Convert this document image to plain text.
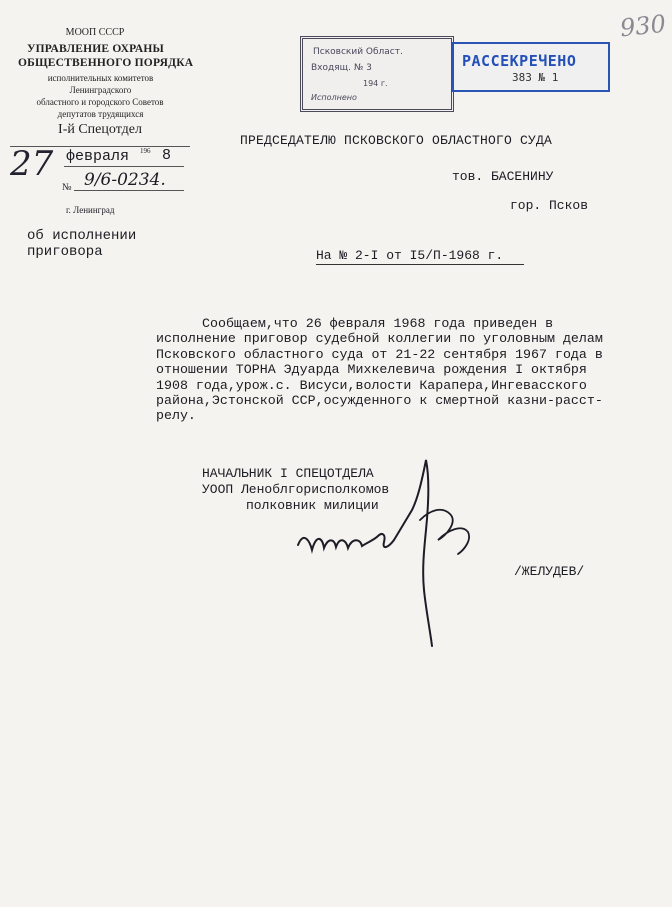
930
МООП СССР
УПРАВЛЕНИЕ ОХРАНЫ
ОБЩЕСТВЕННОГО ПОРЯДКА
исполнительных комитетов
Ленинградского
областного и городского Советов
депутатов трудящихся
I-й Спецотдел
27 февраля 196 8
№ 9/6-0234.
г. Ленинград
об исполнении
приговора
Псковский Област.
Входящ. № 3
194 г.
Исполнено
РАССЕКРЕЧЕНО
383 № 1
ПРЕДСЕДАТЕЛЮ ПСКОВСКОГО ОБЛАСТНОГО СУДА
тов. БАСЕНИНУ
гор. Псков
На № 2-I от I5/П-1968 г.
Сообщаем,что 26 февраля 1968 года приведен в
исполнение приговор судебной коллегии по уголовным делам
Псковского областного суда от 21-22 сентября 1967 года в
отношении ТОРНА Эдуарда Михкелевича рождения I октября
1908 года,урож.с. Висуси,волости Карапера,Ингевасского
района,Эстонской ССР,осужденного к смертной казни-расст-
релу.
НАЧАЛЬНИК I СПЕЦОТДЕЛА
УООП Леноблгорисполкомов
полковник милиции
/ЖЕЛУДЕВ/
